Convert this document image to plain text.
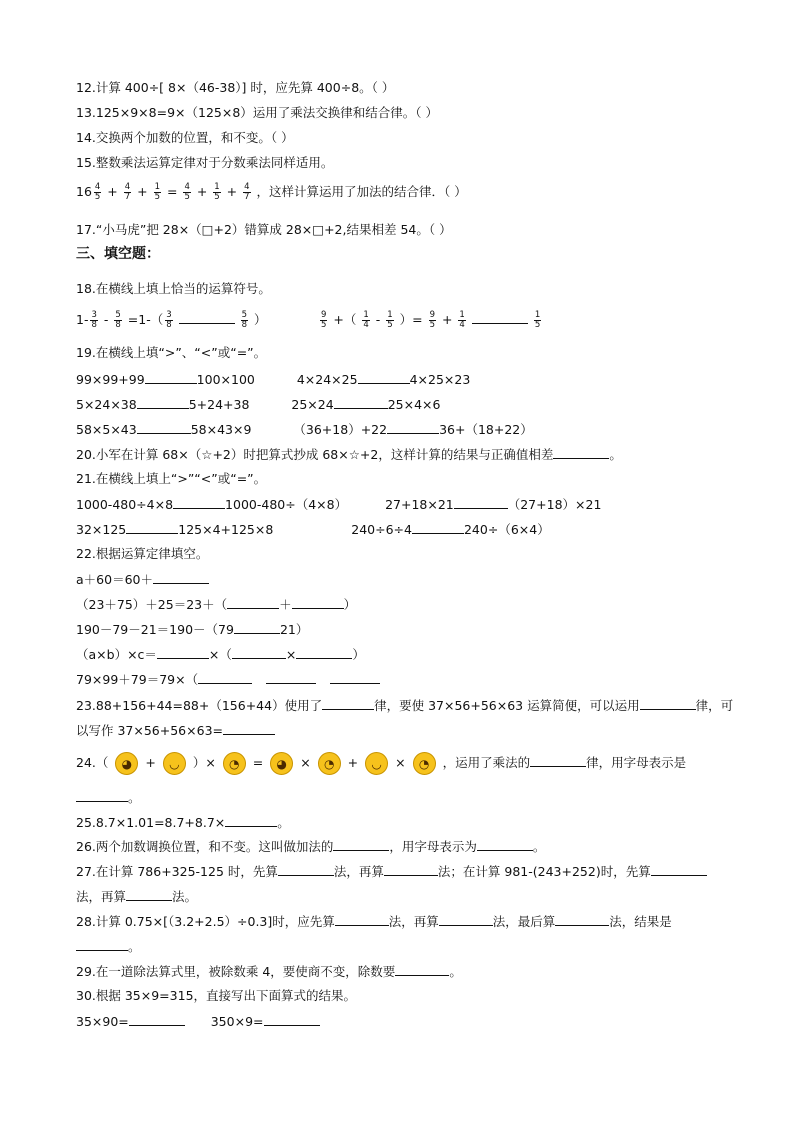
12.计算 400÷[ 8×（46-38）] 时，应先算 400÷8。（ ）
13.125×9×8=9×（125×8）运用了乘法交换律和结合律。（ ）
14.交换两个加数的位置，和不变。（ ）
15.整数乘法运算定律对于分数乘法同样适用。
$16 \frac{4}{5} + \frac{4}{7} + \frac{1}{5} = \frac{4}{5} + \frac{1}{5} + \frac{4}{7}$ ，这样计算运用了加法的结合律．（ ）
17.“小马虎”把 28×（□+2）错算成 28×□+2,结果相差 54。（ ）
三、填空题：
18.在横线上填上恰当的运算符号。
$1- \frac{3}{8} - \frac{5}{8} =1-( \frac{3}{8}$
	$\frac{5}{8}$ ）	$\frac{9}{5}$ +（ $\frac{1}{4} - \frac{1}{5}$ ）= $\frac{9}{5} + \frac{1}{4}$
	$\frac{1}{5}$
19.在横线上填“>”、“<”或“=”。
99×99+99	100×100	4×24×25	4×25×23
5×24×38	5+24+38	25×24	25×4×6
58×5×43	58×43×9	（36+18）+22	36+（18+22）
20.小军在计算 68×（☆+2）时把算式抄成 68×☆+2，这样计算的结果与正确值相差	。
21.在横线上填上“>”“<”或“=”。
1000-480÷4×8	1000-480÷（4×8）	27+18×21	（27+18）×21
32×125	125×4+125×8	240÷6÷4	240÷（6×4）
22.根据运算定律填空。
a＋60＝60＋
（23＋75）＋25＝23＋（	＋	）
190－79－21＝190－（79	21）
（a×b）×c＝	×（	×	）
79×99＋79＝79×（
23.88+156+44=88+（156+44）使用了	律，要使 37×56+56×63 运算简便，可以运用	律，可
以写作 37×56+56×63=
24.（ ◕ + ◡ ）× ◔ = ◕ × ◔ + ◡ × ◔ ，运用了乘法的	律，用字母表示是
。
25.8.7×1.01=8.7+8.7×	。
26.两个加数调换位置，和不变。这叫做加法的	，用字母表示为	。
27.在计算 786+325-125 时，先算	法，再算	法；在计算 981-(243+252)时，先算
法，再算	法。
28.计算 0.75×[（3.2+2.5）÷0.3]时，应先算	法，再算	法，最后算	法，结果是
。
29.在一道除法算式里，被除数乘 4，要使商不变，除数要	。
30.根据 35×9=315，直接写出下面算式的结果。
35×90=	350×9=
